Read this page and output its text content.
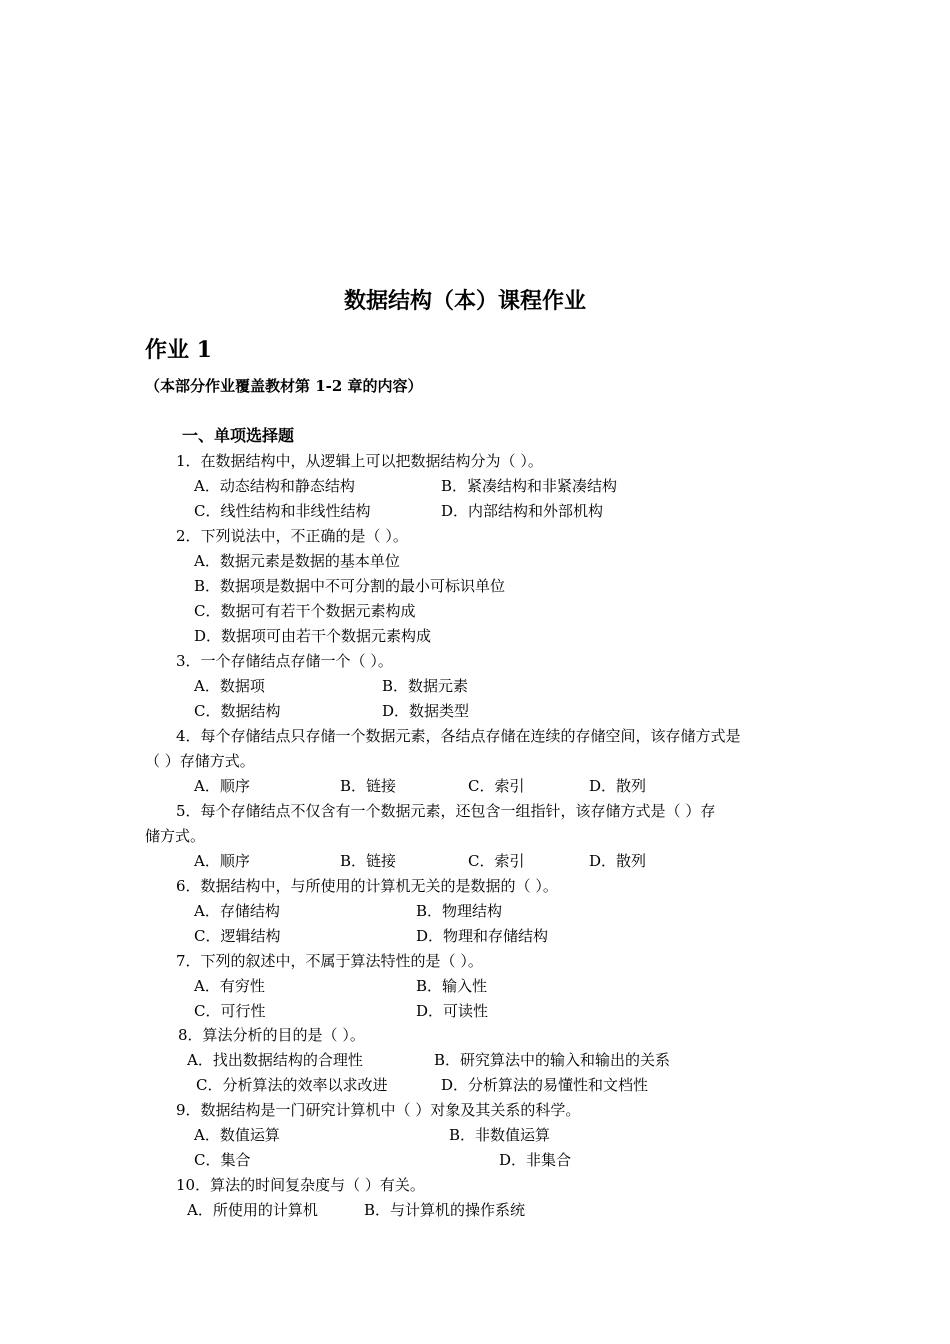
数据结构（本）课程作业
作业 1
（本部分作业覆盖教材第 1-2 章的内容）
一、单项选择题
1．在数据结构中，从逻辑上可以把数据结构分为（ ）。
A．动态结构和静态结构	B．紧凑结构和非紧凑结构
C．线性结构和非线性结构	D．内部结构和外部机构
2．下列说法中，不正确的是（ ）。
A．数据元素是数据的基本单位
B．数据项是数据中不可分割的最小可标识单位
C．数据可有若干个数据元素构成
D．数据项可由若干个数据元素构成
3．一个存储结点存储一个（ ）。
A．数据项	B．数据元素
C．数据结构	D．数据类型
4．每个存储结点只存储一个数据元素，各结点存储在连续的存储空间，该存储方式是
（ ）存储方式。
A．顺序	B．链接	C．索引	D．散列
5．每个存储结点不仅含有一个数据元素，还包含一组指针，该存储方式是（ ）存
储方式。
A．顺序	B．链接	C．索引	D．散列
6．数据结构中，与所使用的计算机无关的是数据的（ ）。
A．存储结构	B．物理结构
C．逻辑结构	D．物理和存储结构
7．下列的叙述中，不属于算法特性的是（ ）。
A．有穷性	B．输入性
C．可行性	D．可读性
8．算法分析的目的是（ ）。
A．找出数据结构的合理性	B．研究算法中的输入和输出的关系
C．分析算法的效率以求改进	D．分析算法的易懂性和文档性
9．数据结构是一门研究计算机中（ ）对象及其关系的科学。
A．数值运算	B．非数值运算
C．集合	D．非集合
10．算法的时间复杂度与（ ）有关。
A．所使用的计算机	B．与计算机的操作系统
